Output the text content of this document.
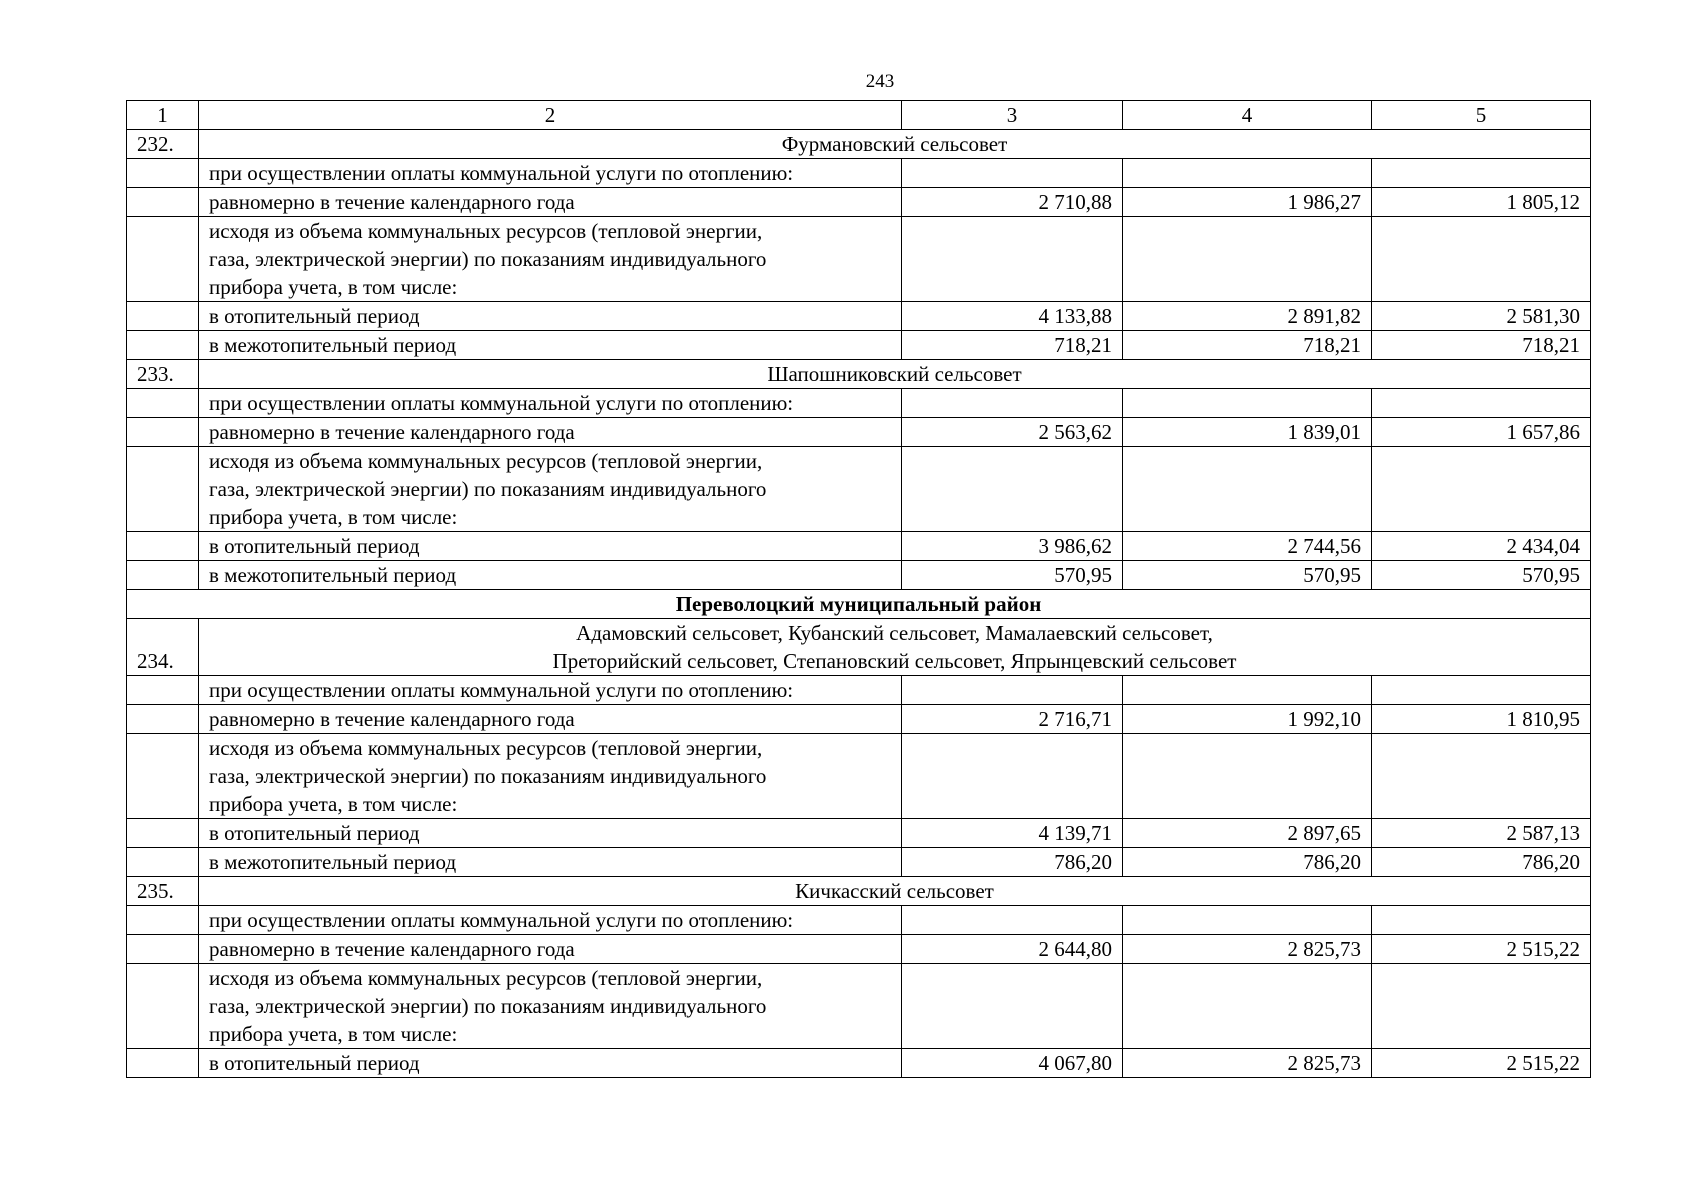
243
1	2	3	4	5
232.	Фурмановский сельсовет			
	при осуществлении оплаты коммунальной услуги по отоплению:			
	равномерно в течение календарного года	2 710,88	1 986,27	1 805,12

	исходя из объема коммунальных ресурсов (тепловой энергии,
газа, электрической энергии) по показаниям индивидуального
прибора учета, в том числе:			

	в отопительный период	4 133,88	2 891,82	2 581,30
	в межотопительный период	718,21	718,21	718,21
233.	Шапошниковский сельсовет			
	при осуществлении оплаты коммунальной услуги по отоплению:			
	равномерно в течение календарного года	2 563,62	1 839,01	1 657,86

	исходя из объема коммунальных ресурсов (тепловой энергии,
газа, электрической энергии) по показаниям индивидуального
прибора учета, в том числе:			

	в отопительный период	3 986,62	2 744,56	2 434,04
	в межотопительный период	570,95	570,95	570,95
Переволоцкий муниципальный район				
234.	Адамовский сельсовет, Кубанский сельсовет, Мамалаевский сельсовет,
Преторийский сельсовет, Степановский сельсовет, Япрынцевский сельсовет			

	при осуществлении оплаты коммунальной услуги по отоплению:			
	равномерно в течение календарного года	2 716,71	1 992,10	1 810,95

	исходя из объема коммунальных ресурсов (тепловой энергии,
газа, электрической энергии) по показаниям индивидуального
прибора учета, в том числе:			

	в отопительный период	4 139,71	2 897,65	2 587,13
	в межотопительный период	786,20	786,20	786,20
235.	Кичкасский сельсовет			
	при осуществлении оплаты коммунальной услуги по отоплению:			
	равномерно в течение календарного года	2 644,80	2 825,73	2 515,22

	исходя из объема коммунальных ресурсов (тепловой энергии,
газа, электрической энергии) по показаниям индивидуального
прибора учета, в том числе:			

	в отопительный период	4 067,80	2 825,73	2 515,22
